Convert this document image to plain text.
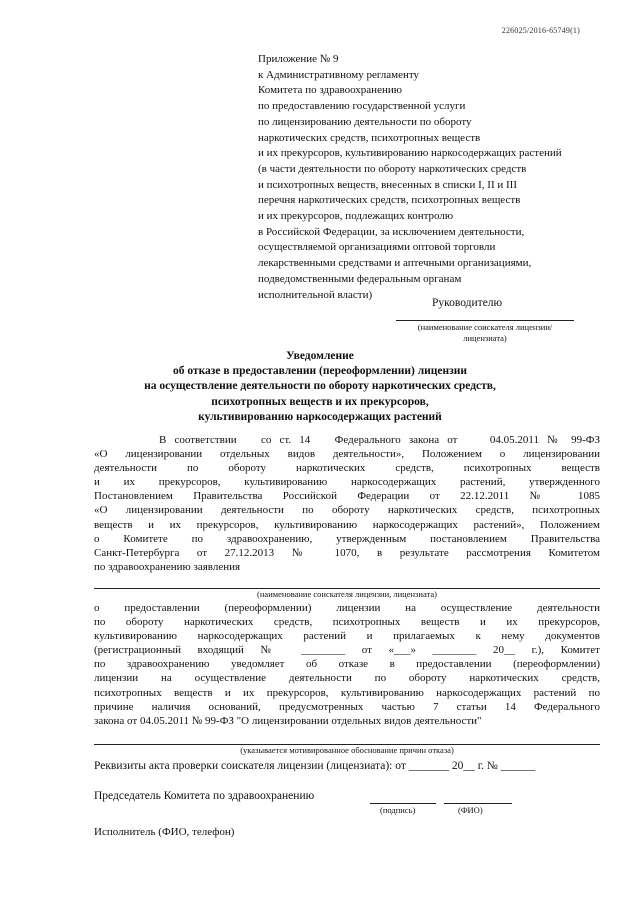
226025/2016-65749(1)
Приложение № 9
к Административному регламенту
Комитета по здравоохранению
по предоставлению государственной услуги
по лицензированию деятельности по обороту
наркотических средств, психотропных веществ
и их прекурсоров, культивированию наркосодержащих растений
(в части деятельности по обороту наркотических средств
и психотропных веществ, внесенных в списки I, II и III
перечня наркотических средств, психотропных веществ
и их прекурсоров, подлежащих контролю
в Российской Федерации, за исключением деятельности,
осуществляемой организациями оптовой торговли
лекарственными средствами и аптечными организациями,
подведомственными федеральным органам
исполнительной власти)
Руководителю
(наименование соискателя лицензии/
лицензиата)
Уведомление
об отказе в предоставлении (переоформлении) лицензии
на осуществление деятельности по обороту наркотических средств,
психотропных веществ и их прекурсоров,
культивированию наркосодержащих растений
В соответствии   со ст. 14   Федерального закона от    04.05.2011 № 99-ФЗ
«О лицензировании отдельных видов деятельности», Положением о лицензировании
деятельности по обороту наркотических средств, психотропных веществ
и их прекурсоров, культивированию наркосодержащих растений, утвержденного
Постановлением Правительства Российской Федерации от 22.12.2011 № 1085
«О лицензировании деятельности по обороту наркотических средств, психотропных
веществ и их прекурсоров, культивированию наркосодержащих растений», Положением
о Комитете по здравоохранению, утвержденным постановлением Правительства
Санкт-Петербурга от 27.12.2013 № 1070, в результате рассмотрения Комитетом
по здравоохранению заявления
(наименование соискателя лицензии, лицензиата)
о предоставлении (переоформлении) лицензии на осуществление деятельности
по обороту наркотических средств, психотропных веществ и их прекурсоров,
культивированию наркосодержащих растений и прилагаемых к нему документов
(регистрационный входящий № ________ от «___» ________ 20__ г.), Комитет
по здравоохранению уведомляет об отказе в предоставлении (переоформлении)
лицензии на осуществление деятельности по обороту наркотических средств,
психотропных веществ и их прекурсоров, культивированию наркосодержащих растений по
причине наличия оснований, предусмотренных частью 7 статьи 14 Федерального
закона от 04.05.2011 № 99-ФЗ "О лицензировании отдельных видов деятельности"
(указывается мотивированное обоснование причин отказа)
Реквизиты акта проверки соискателя лицензии (лицензиата): от _______ 20__ г. № ______
Председатель Комитета по здравоохранению
(подпись)	(ФИО)
Исполнитель (ФИО, телефон)
